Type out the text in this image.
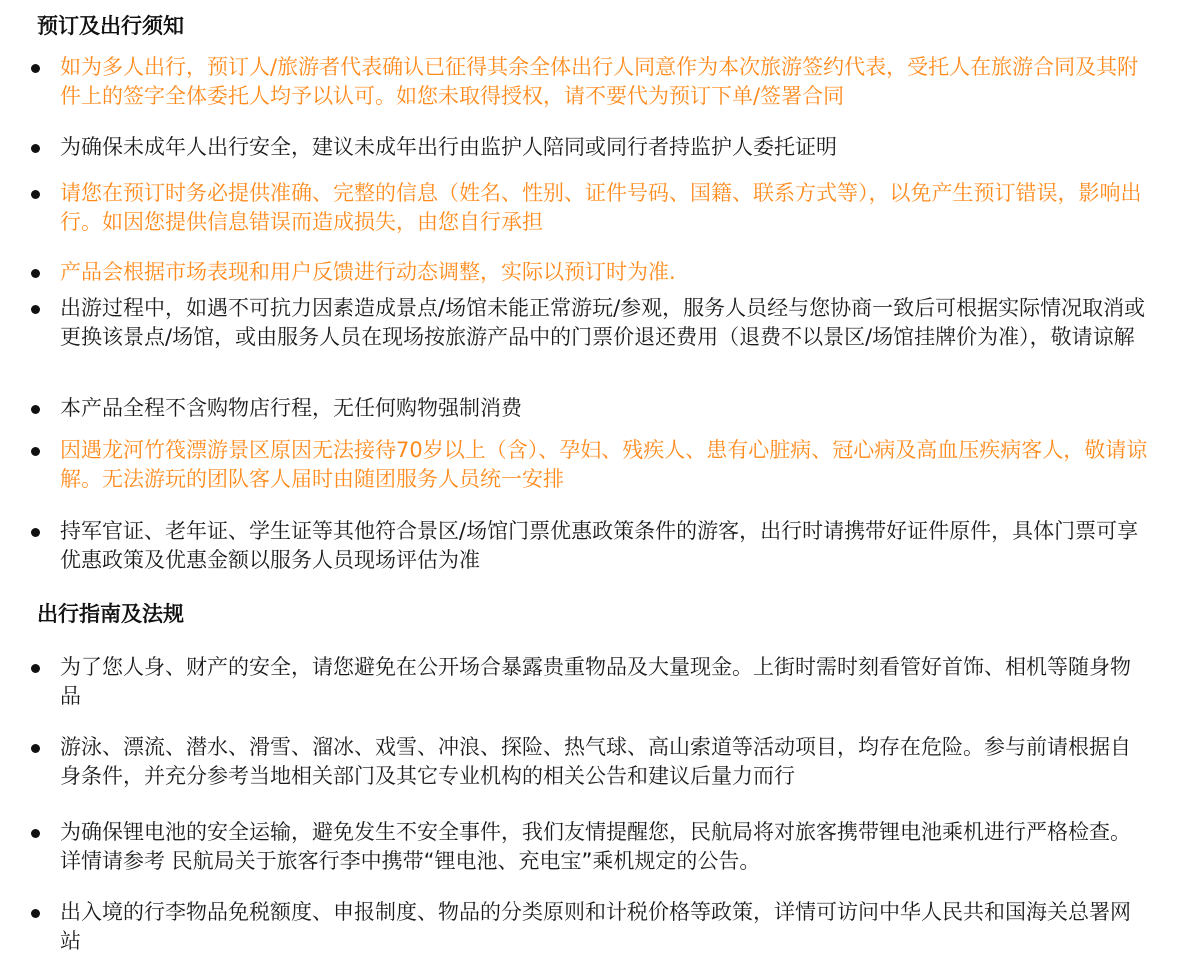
预订及出行须知
如为多人出行，预订人/旅游者代表确认已征得其余全体出行人同意作为本次旅游签约代表，受托人在旅游合同及其附件上的签字全体委托人均予以认可。如您未取得授权，请不要代为预订下单/签署合同
为确保未成年人出行安全，建议未成年出行由监护人陪同或同行者持监护人委托证明
请您在预订时务必提供准确、完整的信息（姓名、性别、证件号码、国籍、联系方式等），以免产生预订错误，影响出行。如因您提供信息错误而造成损失，由您自行承担
产品会根据市场表现和用户反馈进行动态调整，实际以预订时为准.
出游过程中，如遇不可抗力因素造成景点/场馆未能正常游玩/参观，服务人员经与您协商一致后可根据实际情况取消或更换该景点/场馆，或由服务人员在现场按旅游产品中的门票价退还费用（退费不以景区/场馆挂牌价为准），敬请谅解
本产品全程不含购物店行程，无任何购物强制消费
因遇龙河竹筏漂游景区原因无法接待70岁以上（含）、孕妇、残疾人、患有心脏病、冠心病及高血压疾病客人，敬请谅解。无法游玩的团队客人届时由随团服务人员统一安排
持军官证、老年证、学生证等其他符合景区/场馆门票优惠政策条件的游客，出行时请携带好证件原件，具体门票可享优惠政策及优惠金额以服务人员现场评估为准
出行指南及法规
为了您人身、财产的安全，请您避免在公开场合暴露贵重物品及大量现金。上街时需时刻看管好首饰、相机等随身物品
游泳、漂流、潜水、滑雪、溜冰、戏雪、冲浪、探险、热气球、高山索道等活动项目，均存在危险。参与前请根据自身条件，并充分参考当地相关部门及其它专业机构的相关公告和建议后量力而行
为确保锂电池的安全运输，避免发生不安全事件，我们友情提醒您，民航局将对旅客携带锂电池乘机进行严格检查。详情请参考 民航局关于旅客行李中携带“锂电池、充电宝”乘机规定的公告。
出入境的行李物品免税额度、申报制度、物品的分类原则和计税价格等政策，详情可访问中华人民共和国海关总署网站
